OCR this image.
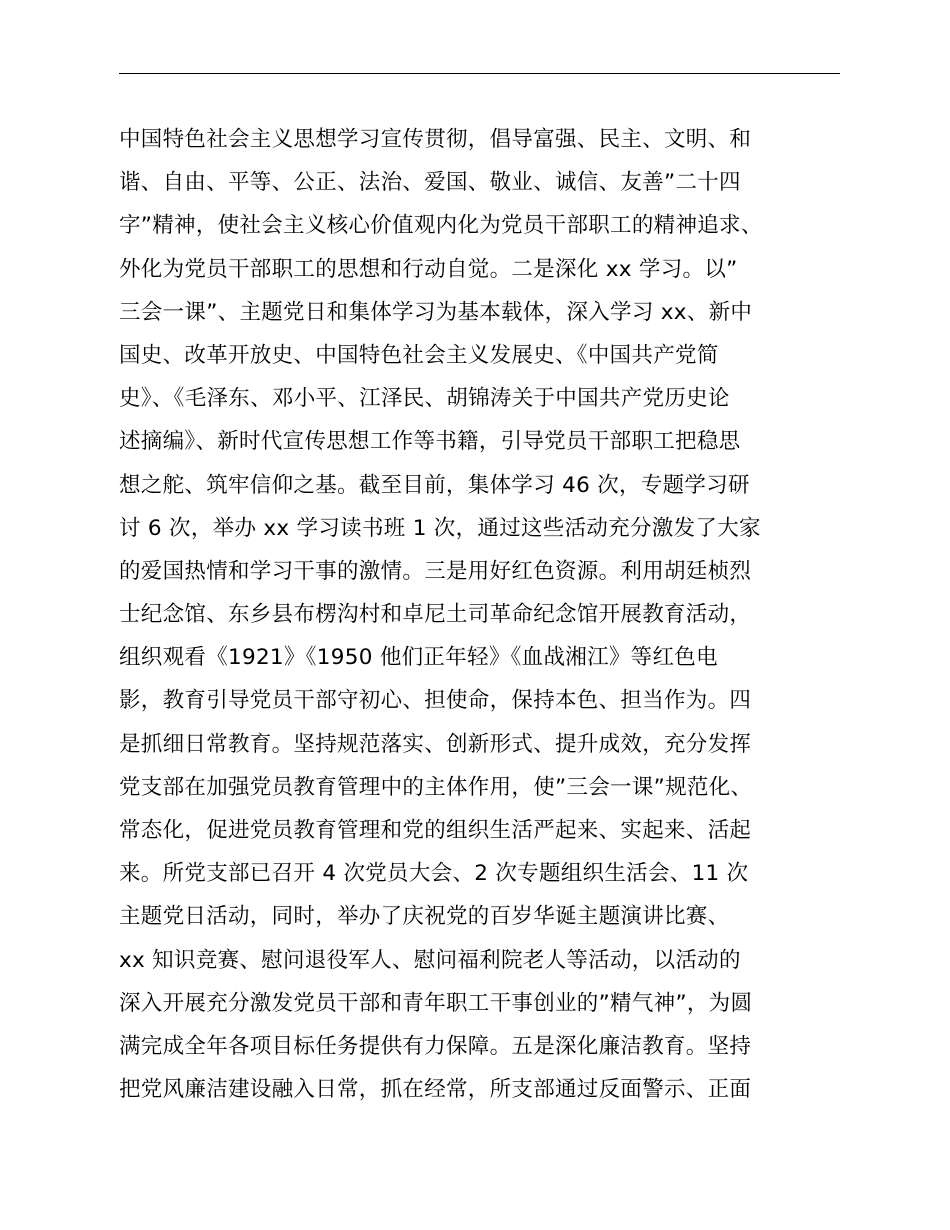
中国特色社会主义思想学习宣传贯彻，倡导富强、民主、文明、和
谐、自由、平等、公正、法治、爱国、敬业、诚信、友善”二十四
字”精神，使社会主义核心价值观内化为党员干部职工的精神追求、
外化为党员干部职工的思想和行动自觉。二是深化 xx 学习。以”
三会一课”、主题党日和集体学习为基本载体，深入学习 xx、新中
国史、改革开放史、中国特色社会主义发展史、《中国共产党简
史》、《毛泽东、邓小平、江泽民、胡锦涛关于中国共产党历史论
述摘编》、新时代宣传思想工作等书籍，引导党员干部职工把稳思
想之舵、筑牢信仰之基。截至目前，集体学习 46 次，专题学习研
讨 6 次，举办 xx 学习读书班 1 次，通过这些活动充分激发了大家
的爱国热情和学习干事的激情。三是用好红色资源。利用胡廷桢烈
士纪念馆、东乡县布楞沟村和卓尼土司革命纪念馆开展教育活动，
组织观看《1921》《1950 他们正年轻》《血战湘江》等红色电
影，教育引导党员干部守初心、担使命，保持本色、担当作为。四
是抓细日常教育。坚持规范落实、创新形式、提升成效，充分发挥
党支部在加强党员教育管理中的主体作用，使”三会一课”规范化、
常态化，促进党员教育管理和党的组织生活严起来、实起来、活起
来。所党支部已召开 4 次党员大会、2 次专题组织生活会、11 次
主题党日活动，同时，举办了庆祝党的百岁华诞主题演讲比赛、
xx 知识竞赛、慰问退役军人、慰问福利院老人等活动，以活动的
深入开展充分激发党员干部和青年职工干事创业的”精气神”，为圆
满完成全年各项目标任务提供有力保障。五是深化廉洁教育。坚持
把党风廉洁建设融入日常，抓在经常，所支部通过反面警示、正面
